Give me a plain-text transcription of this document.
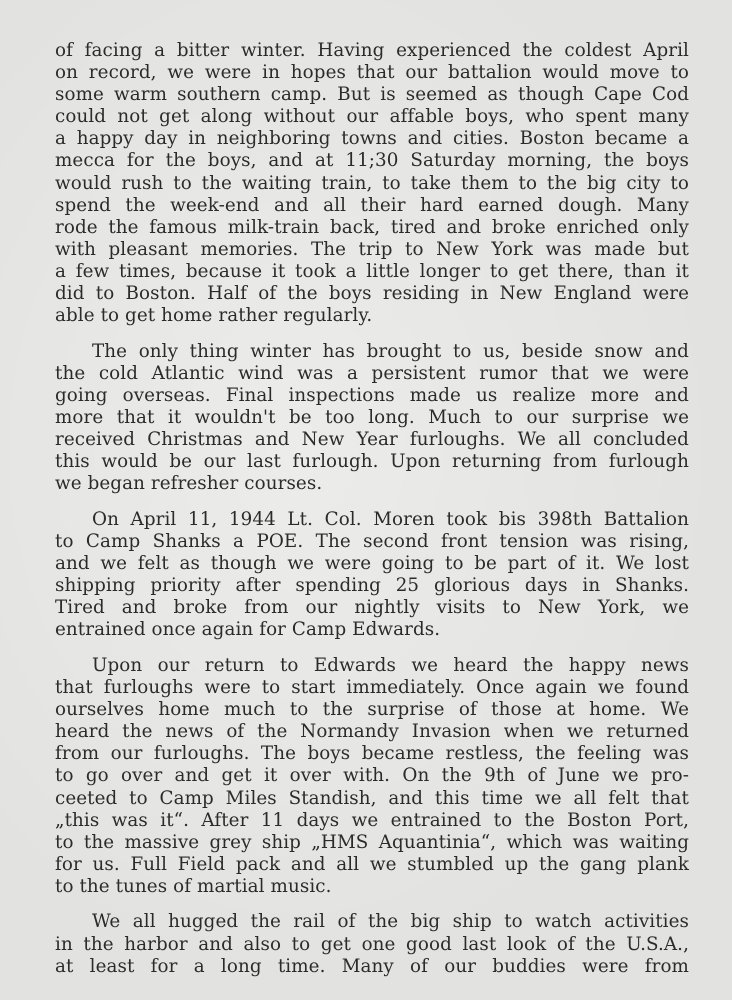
of facing a bitter winter. Having experienced the coldest April
on record, we were in hopes that our battalion would move to
some warm southern camp. But is seemed as though Cape Cod
could not get along without our affable boys, who spent many
a happy day in neighboring towns and cities. Boston became a
mecca for the boys, and at 11;30 Saturday morning, the boys
would rush to the waiting train, to take them to the big city to
spend the week-end and all their hard earned dough. Many
rode the famous milk-train back, tired and broke enriched only
with pleasant memories. The trip to New York was made but
a few times, because it took a little longer to get there, than it
did to Boston. Half of the boys residing in New England were
able to get home rather regularly.
The only thing winter has brought to us, beside snow and
the cold Atlantic wind was a persistent rumor that we were
going overseas. Final inspections made us realize more and
more that it wouldn't be too long. Much to our surprise we
received Christmas and New Year furloughs. We all concluded
this would be our last furlough. Upon returning from furlough
we began refresher courses.
On April 11, 1944 Lt. Col. Moren took bis 398th Battalion
to Camp Shanks a POE. The second front tension was rising,
and we felt as though we were going to be part of it. We lost
shipping priority after spending 25 glorious days in Shanks.
Tired and broke from our nightly visits to New York, we
entrained once again for Camp Edwards.
Upon our return to Edwards we heard the happy news
that furloughs were to start immediately. Once again we found
ourselves home much to the surprise of those at home. We
heard the news of the Normandy Invasion when we returned
from our furloughs. The boys became restless, the feeling was
to go over and get it over with. On the 9th of June we pro-
ceeted to Camp Miles Standish, and this time we all felt that
„this was it“. After 11 days we entrained to the Boston Port,
to the massive grey ship „HMS Aquantinia“, which was waiting
for us. Full Field pack and all we stumbled up the gang plank
to the tunes of martial music.
We all hugged the rail of the big ship to watch activities
in the harbor and also to get one good last look of the U.S.A.,
at least for a long time. Many of our buddies were from
